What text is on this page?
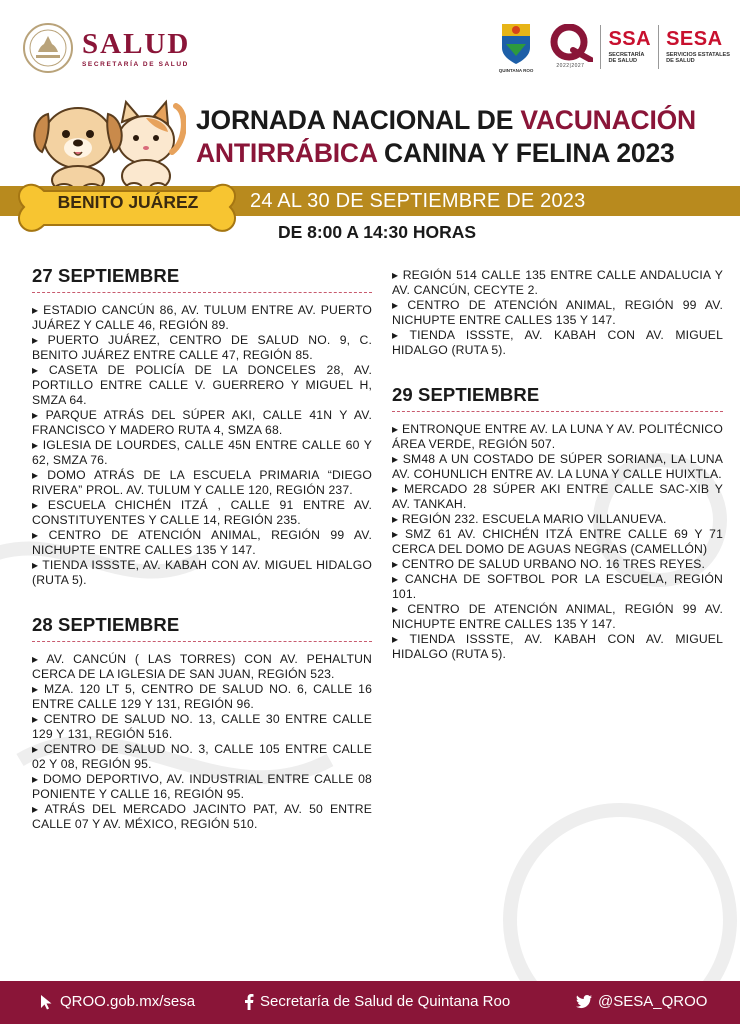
SALUD
SECRETARÍA DE SALUD
QUINTANA ROO
2022|2027
SSA
SECRETARÍA
DE SALUD
SESA
SERVICIOS ESTATALES
DE SALUD
JORNADA NACIONAL DE VACUNACIÓN
ANTIRRÁBICA CANINA Y FELINA 2023
24 AL 30 DE SEPTIEMBRE DE 2023
BENITO JUÁREZ
DE 8:00 A 14:30 HORAS
27 SEPTIEMBRE
▸ ESTADIO CANCÚN 86, AV. TULUM ENTRE AV. PUERTO JUÁREZ Y CALLE 46, REGIÓN 89.
▸ PUERTO JUÁREZ, CENTRO DE SALUD NO. 9, C. BENITO JUÁREZ ENTRE CALLE 47, REGIÓN 85.
▸ CASETA DE POLICÍA DE LA DONCELES 28, AV. PORTILLO ENTRE CALLE V. GUERRERO Y MIGUEL H, SMZA 64.
▸ PARQUE ATRÁS DEL SÚPER AKI, CALLE 41N Y AV. FRANCISCO Y MADERO RUTA 4, SMZA 68.
▸ IGLESIA DE LOURDES, CALLE 45N ENTRE CALLE 60 Y 62, SMZA 76.
▸ DOMO ATRÁS DE LA ESCUELA PRIMARIA “DIEGO RIVERA” PROL. AV. TULUM Y CALLE 120, REGIÓN 237.
▸ ESCUELA CHICHÉN ITZÁ , CALLE 91 ENTRE AV. CONSTITUYENTES Y CALLE 14, REGIÓN 235.
▸ CENTRO DE ATENCIÓN ANIMAL, REGIÓN 99 AV. NICHUPTE ENTRE CALLES 135 Y 147.
▸ TIENDA ISSSTE, AV. KABAH CON AV. MIGUEL HIDALGO (RUTA 5).
28 SEPTIEMBRE
▸ AV. CANCÚN ( LAS TORRES) CON AV. PEHALTUN CERCA DE LA IGLESIA DE SAN JUAN, REGIÓN 523.
▸ MZA. 120 LT 5, CENTRO DE SALUD NO. 6, CALLE 16 ENTRE CALLE 129 Y 131, REGIÓN 96.
▸ CENTRO DE SALUD NO. 13, CALLE 30 ENTRE CALLE 129 Y 131, REGIÓN 516.
▸ CENTRO DE SALUD NO. 3, CALLE 105 ENTRE CALLE 02 Y 08, REGIÓN 95.
▸ DOMO DEPORTIVO, AV. INDUSTRIAL ENTRE CALLE 08 PONIENTE Y CALLE 16, REGIÓN 95.
▸ ATRÁS DEL MERCADO JACINTO PAT, AV. 50 ENTRE CALLE 07 Y AV. MÉXICO, REGIÓN 510.
▸ REGIÓN 514 CALLE 135 ENTRE CALLE ANDALUCIA Y AV. CANCÚN, CECYTE 2.
▸ CENTRO DE ATENCIÓN ANIMAL, REGIÓN 99 AV. NICHUPTE ENTRE CALLES 135 Y 147.
▸ TIENDA ISSSTE, AV. KABAH CON AV. MIGUEL HIDALGO (RUTA 5).
29 SEPTIEMBRE
▸ ENTRONQUE ENTRE AV. LA LUNA Y AV. POLITÉCNICO ÁREA VERDE, REGIÓN 507.
▸ SM48 A UN COSTADO DE SÚPER SORIANA, LA LUNA AV. COHUNLICH ENTRE AV. LA LUNA Y CALLE HUIXTLA.
▸ MERCADO 28 SÚPER AKI ENTRE CALLE SAC-XIB Y AV. TANKAH.
▸ REGIÓN 232. ESCUELA MARIO VILLANUEVA.
▸ SMZ 61 AV. CHICHÉN ITZÁ ENTRE CALLE 69 Y 71 CERCA DEL DOMO DE AGUAS NEGRAS (CAMELLÓN)
▸ CENTRO DE SALUD URBANO NO. 16 TRES REYES.
▸ CANCHA DE SOFTBOL POR LA ESCUELA, REGIÓN 101.
▸ CENTRO DE ATENCIÓN ANIMAL, REGIÓN 99 AV. NICHUPTE ENTRE CALLES 135 Y 147.
▸ TIENDA ISSSTE, AV. KABAH CON AV. MIGUEL HIDALGO (RUTA 5).
QROO.gob.mx/sesa	Secretaría de Salud de Quintana Roo	@SESA_QROO
